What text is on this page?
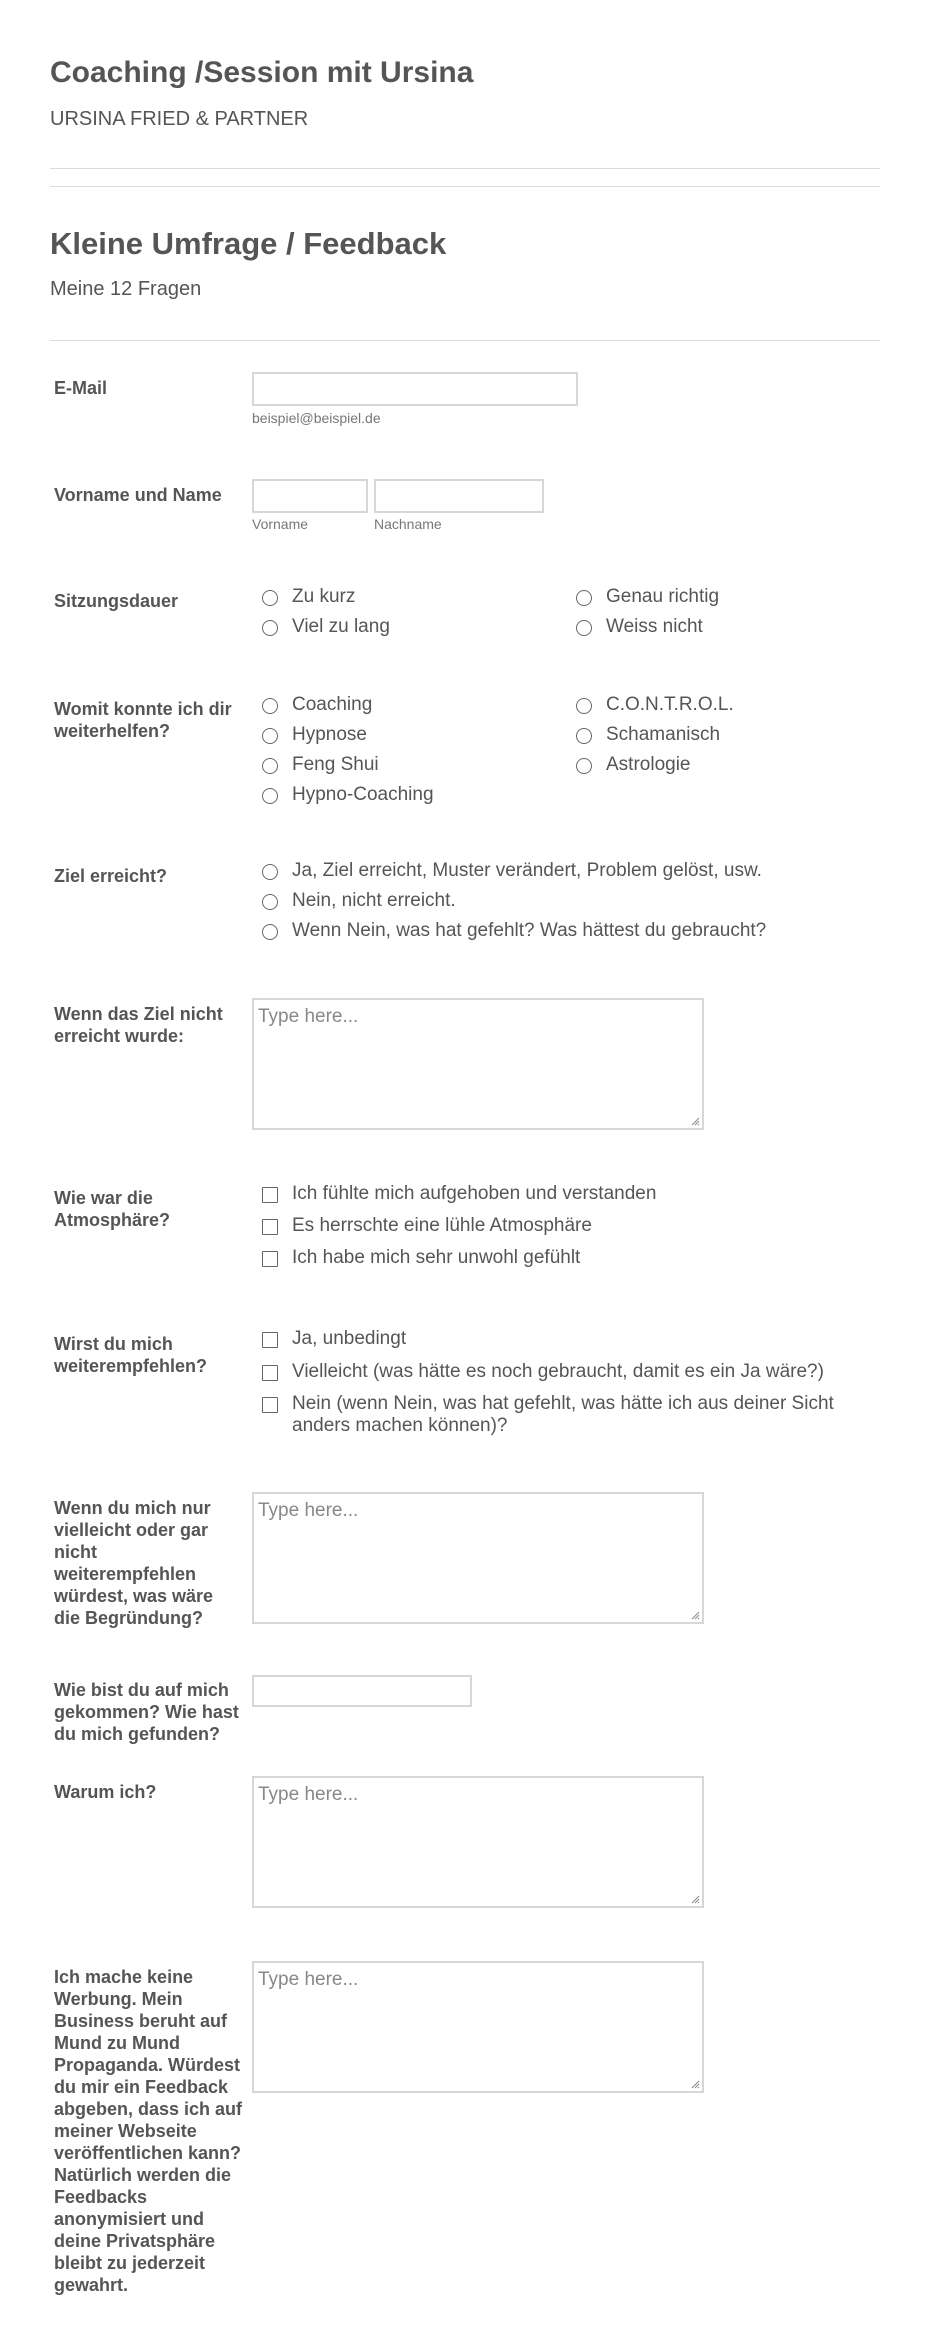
Coaching /Session mit Ursina
URSINA FRIED & PARTNER
Kleine Umfrage / Feedback
Meine 12 Fragen
E-Mail
beispiel@beispiel.de
Vorname und Name
Vorname	Nachname
Sitzungsdauer	Zu kurz	Genau richtig
Viel zu lang	Weiss nicht
Womit konnte ich dir weiterhelfen?
Coaching	C.O.N.T.R.O.L.
Hypnose	Schamanisch
Feng Shui	Astrologie
Hypno-Coaching
Ziel erreicht?	Ja, Ziel erreicht, Muster verändert, Problem gelöst, usw.
Nein, nicht erreicht.
Wenn Nein, was hat gefehlt? Was hättest du gebraucht?
Wenn das Ziel nicht erreicht wurde:
Type here...
Wie war die Atmosphäre?
Ich fühlte mich aufgehoben und verstanden
Es herrschte eine lühle Atmosphäre
Ich habe mich sehr unwohl gefühlt
Wirst du mich weiterempfehlen?
Ja, unbedingt
Vielleicht (was hätte es noch gebraucht, damit es ein Ja wäre?)
Nein (wenn Nein, was hat gefehlt, was hätte ich aus deiner Sicht anders machen können)?
Wenn du mich nur vielleicht oder gar nicht weiterempfehlen würdest, was wäre die Begründung?
Type here...
Wie bist du auf mich gekommen? Wie hast du mich gefunden?
Warum ich?	Type here...
Ich mache keine Werbung. Mein Business beruht auf Mund zu Mund Propaganda. Würdest du mir ein Feedback abgeben, dass ich auf meiner Webseite veröffentlichen kann? Natürlich werden die Feedbacks anonymisiert und deine Privatsphäre bleibt zu jederzeit gewahrt.
Type here...
